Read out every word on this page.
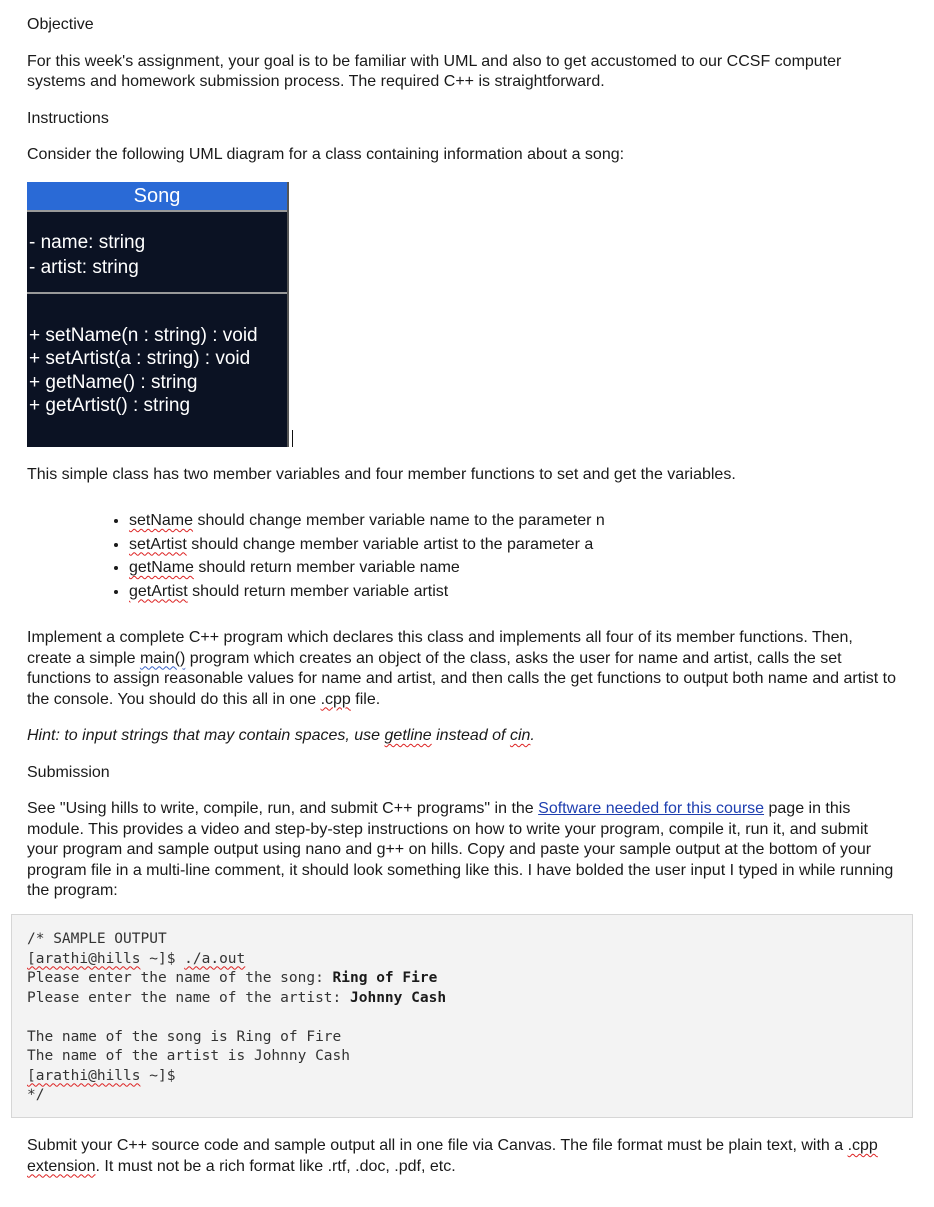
Objective

For this week's assignment, your goal is to be familiar with UML and also to get accustomed to our CCSF computer systems and homework submission process. The required C++ is straightforward.

Instructions

Consider the following UML diagram for a class containing information about a song:

Song
- name: string
- artist: string
+ setName(n : string) : void
+ setArtist(a : string) : void
+ getName() : string
+ getArtist() : string

This simple class has two member variables and four member functions to set and get the variables.

• setName should change member variable name to the parameter n
• setArtist should change member variable artist to the parameter a
• getName should return member variable name
• getArtist should return member variable artist

Implement a complete C++ program which declares this class and implements all four of its member functions. Then, create a simple main() program which creates an object of the class, asks the user for name and artist, calls the set functions to assign reasonable values for name and artist, and then calls the get functions to output both name and artist to the console. You should do this all in one .cpp file.

Hint: to input strings that may contain spaces, use getline instead of cin.

Submission

See "Using hills to write, compile, run, and submit C++ programs" in the Software needed for this course page in this module. This provides a video and step-by-step instructions on how to write your program, compile it, run it, and submit your program and sample output using nano and g++ on hills. Copy and paste your sample output at the bottom of your program file in a multi-line comment, it should look something like this. I have bolded the user input I typed in while running the program:

/* SAMPLE OUTPUT
[arathi@hills ~]$ ./a.out
Please enter the name of the song: Ring of Fire
Please enter the name of the artist: Johnny Cash

The name of the song is Ring of Fire
The name of the artist is Johnny Cash
[arathi@hills ~]$
*/

Submit your C++ source code and sample output all in one file via Canvas. The file format must be plain text, with a .cpp extension. It must not be a rich format like .rtf, .doc, .pdf, etc.
